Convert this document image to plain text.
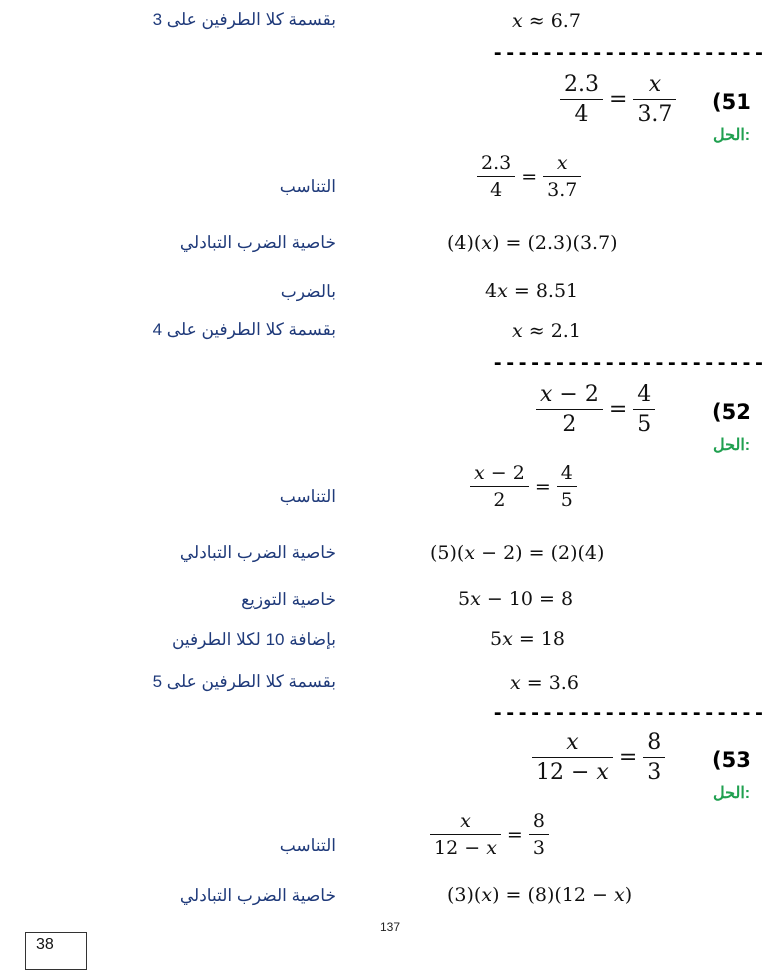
بقسمة كلا الطرفين على 3	x ≈ 6.7
----------------------
$\frac{2.3}{4} = \frac{x}{3.7} (51$
الحل:
التناسب	$\frac{2.3}{4} = \frac{x}{3.7}$
خاصية الضرب التبادلي	(4)(x) = (2.3)(3.7)
بالضرب	4x = 8.51
بقسمة كلا الطرفين على 4	x ≈ 2.1
----------------------
$\frac{x - 2}{2} = \frac{4}{5}$	(52
الحل:
التناسب	$\frac{x - 2}{2} = \frac{4}{5}$
خاصية الضرب التبادلي	(5)(x − 2) = (2)(4)
خاصية التوزيع	5x − 10 = 8
بإضافة 10 لكلا الطرفين	5x = 18
بقسمة كلا الطرفين على 5	x = 3.6
----------------------
$\frac{x}{12 - x} = \frac{8}{3} (53$
الحل:
التناسب	$\frac{x}{12 - x} = \frac{8}{3}$
خاصية الضرب التبادلي	(3)(x) = (8)(12 − x)
137
38
